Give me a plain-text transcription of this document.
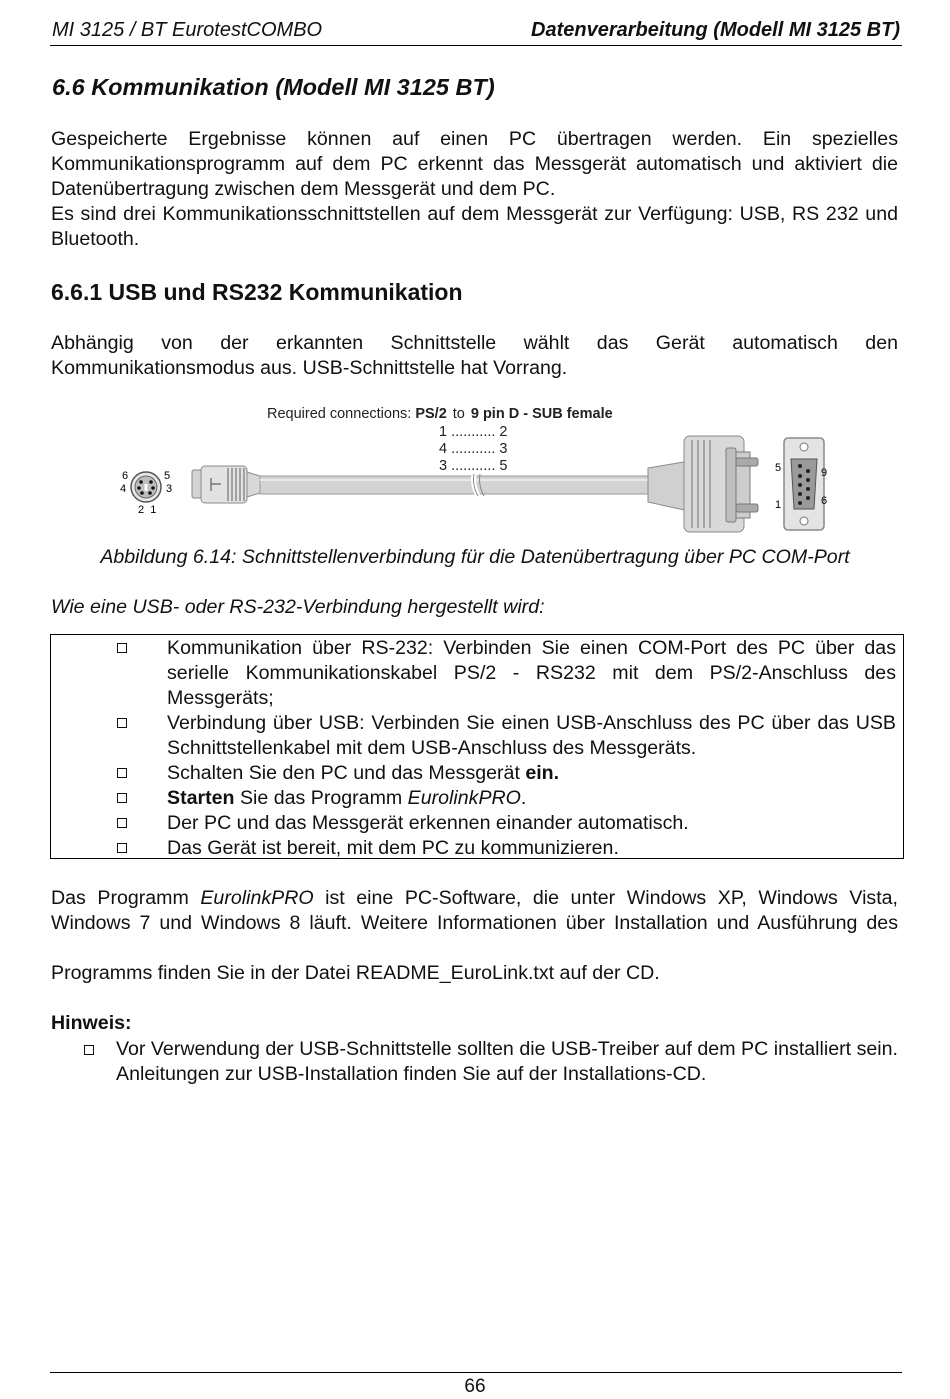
MI 3125 / BT EurotestCOMBO	Datenverarbeitung (Modell MI 3125 BT)
6.6 Kommunikation (Modell MI 3125 BT)

Gespeicherte Ergebnisse können auf einen PC übertragen werden. Ein spezielles Kommunikationsprogramm auf dem PC erkennt das Messgerät automatisch und aktiviert die Datenübertragung zwischen dem Messgerät und dem PC.

Es sind drei Kommunikationsschnittstellen auf dem Messgerät zur Verfügung: USB, RS 232 und Bluetooth.

6.6.1 USB und RS232 Kommunikation

Abhängig von der erkannten Schnittstelle wählt das Gerät automatisch den Kommunikationsmodus aus. USB-Schnittstelle hat Vorrang.

Required connections: PS/2 to 9 pin D - SUB female
1 ........... 2
4 ........... 3
3 ........... 5
6	5
4	3
2  1
5	9
1	6
Abbildung 6.14: Schnittstellenverbindung für die Datenübertragung über PC COM-Port
Wie eine USB- oder RS-232-Verbindung hergestellt wird:
Kommunikation über RS-232: Verbinden Sie einen COM-Port des PC über das serielle Kommunikationskabel PS/2 - RS232 mit dem PS/2-Anschluss des Messgeräts;
Verbindung über USB: Verbinden Sie einen USB-Anschluss des PC über das USB Schnittstellenkabel mit dem USB-Anschluss des Messgeräts.
Schalten Sie den PC und das Messgerät ein.
Starten Sie das Programm EurolinkPRO.
Der PC und das Messgerät erkennen einander automatisch.
Das Gerät ist bereit, mit dem PC zu kommunizieren.

Das Programm EurolinkPRO ist eine PC-Software, die unter Windows XP, Windows Vista, Windows 7 und Windows 8 läuft. Weitere Informationen über Installation und Ausführung des

Programms finden Sie in der Datei README_EuroLink.txt auf der CD.

Hinweis:
Vor Verwendung der USB-Schnittstelle sollten die USB-Treiber auf dem PC installiert sein. Anleitungen zur USB-Installation finden Sie auf der Installations-CD.
66
